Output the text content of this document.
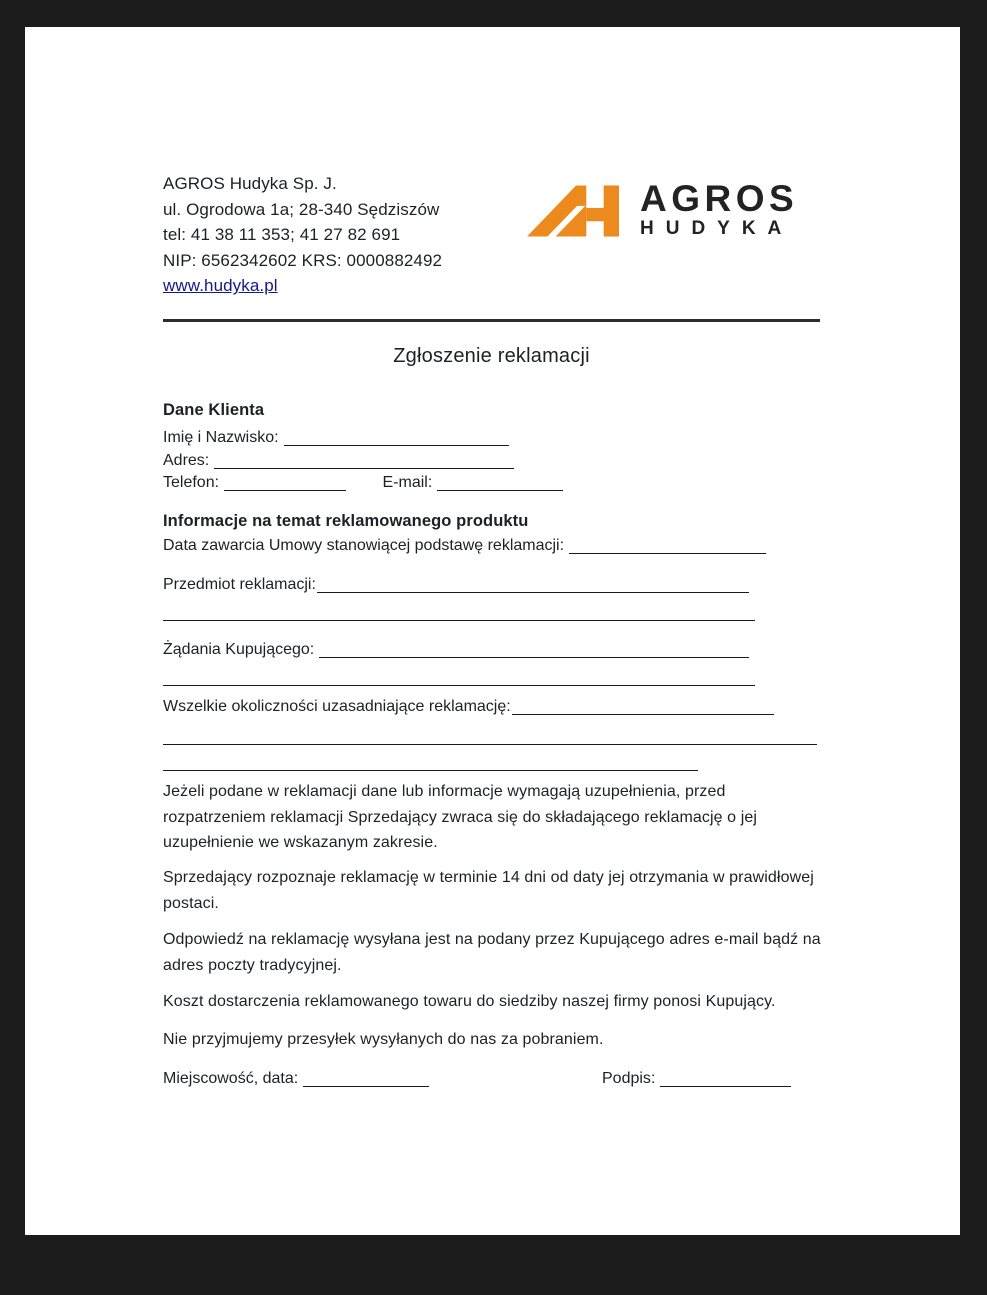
AGROS Hudyka Sp. J.
ul. Ogrodowa 1a; 28-340 Sędziszów
tel: 41 38 11 353; 41 27 82 691
NIP: 6562342602 KRS: 0000882492
www.hudyka.pl
AGROS
HUDYKA
Zgłoszenie reklamacji
Dane Klienta
Imię i Nazwisko:
Adres:
Telefon:	E-mail:
Informacje na temat reklamowanego produktu
Data zawarcia Umowy stanowiącej podstawę reklamacji:
Przedmiot reklamacji:
Żądania Kupującego:
Wszelkie okoliczności uzasadniające reklamację:
Jeżeli podane w reklamacji dane lub informacje wymagają uzupełnienia, przed rozpatrzeniem reklamacji Sprzedający zwraca się do składającego reklamację o jej uzupełnienie we wskazanym zakresie.
Sprzedający rozpoznaje reklamację w terminie 14 dni od daty jej otrzymania w prawidłowej postaci.
Odpowiedź na reklamację wysyłana jest na podany przez Kupującego adres e-mail bądź na adres poczty tradycyjnej.
Koszt dostarczenia reklamowanego towaru do siedziby naszej firmy ponosi Kupujący.
Nie przyjmujemy przesyłek wysyłanych do nas za pobraniem.
Miejscowość, data:	Podpis:
